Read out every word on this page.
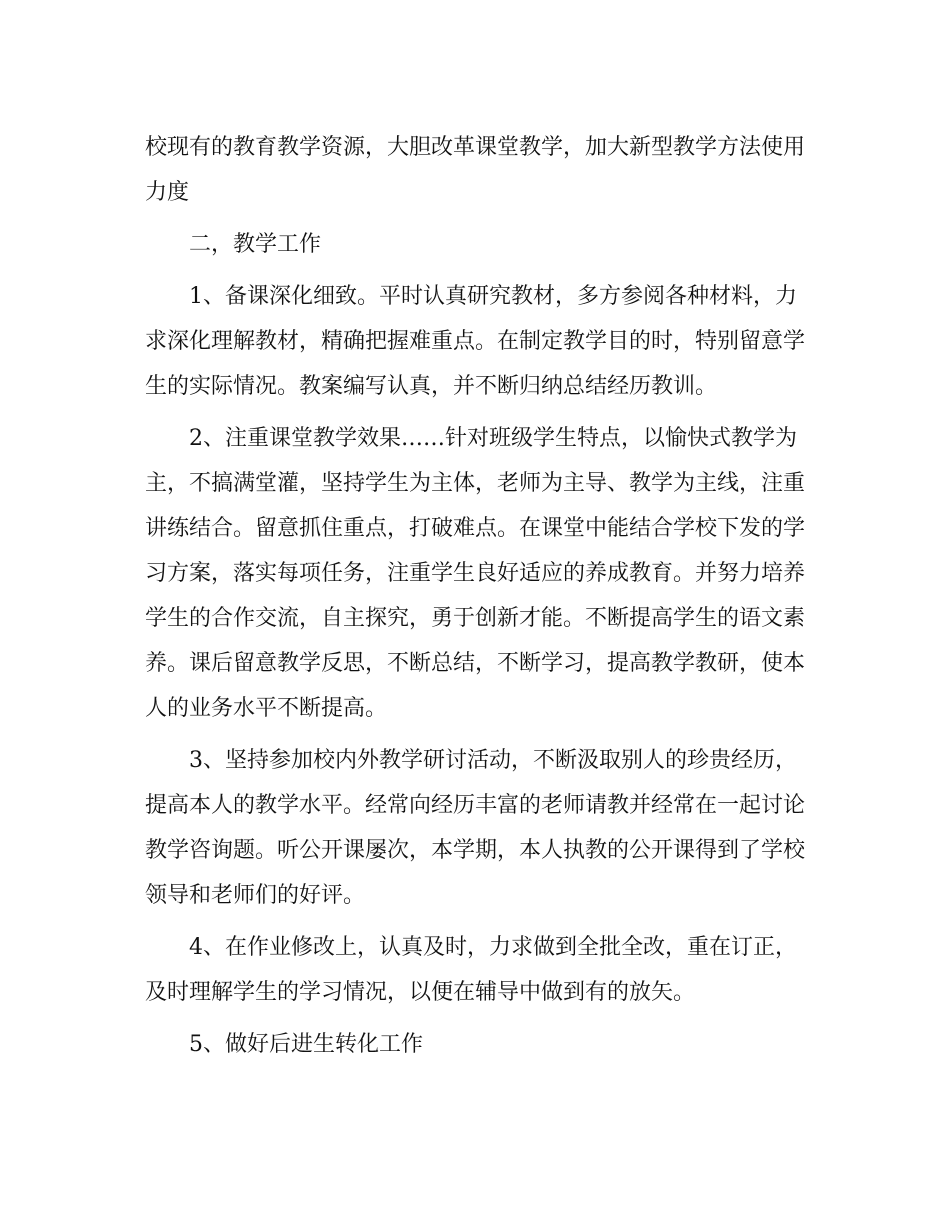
校现有的教育教学资源，大胆改革课堂教学，加大新型教学方法使用
力度
二，教学工作
1、备课深化细致。平时认真研究教材，多方参阅各种材料，力
求深化理解教材，精确把握难重点。在制定教学目的时，特别留意学
生的实际情况。教案编写认真，并不断归纳总结经历教训。
2、注重课堂教学效果……针对班级学生特点，以愉快式教学为
主，不搞满堂灌，坚持学生为主体，老师为主导、教学为主线，注重
讲练结合。留意抓住重点，打破难点。在课堂中能结合学校下发的学
习方案，落实每项任务，注重学生良好适应的养成教育。并努力培养
学生的合作交流，自主探究，勇于创新才能。不断提高学生的语文素
养。课后留意教学反思，不断总结，不断学习，提高教学教研，使本
人的业务水平不断提高。
3、坚持参加校内外教学研讨活动，不断汲取别人的珍贵经历，
提高本人的教学水平。经常向经历丰富的老师请教并经常在一起讨论
教学咨询题。听公开课屡次，本学期，本人执教的公开课得到了学校
领导和老师们的好评。
4、在作业修改上，认真及时，力求做到全批全改，重在订正，
及时理解学生的学习情况，以便在辅导中做到有的放矢。
5、做好后进生转化工作
